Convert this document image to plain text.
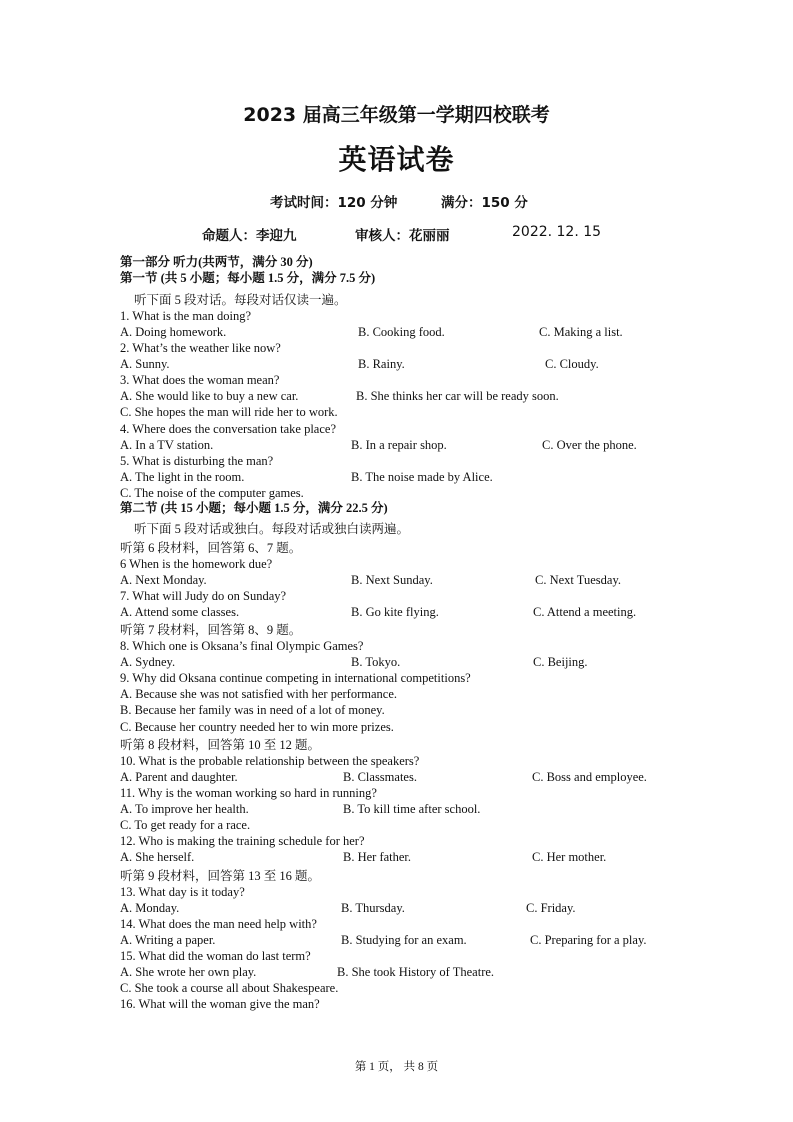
2023 届高三年级第一学期四校联考
英语试卷
考试时间：120 分钟	满分：150 分
命题人：李迎九	审核人：花丽丽	2022. 12. 15
第一部分 听力(共两节，满分 30 分)
第一节 (共 5 小题；每小题 1.5 分，满分 7.5 分)
听下面 5 段对话。每段对话仅读一遍。
1. What is the man doing?
A. Doing homework.	B. Cooking food.	C. Making a list.
2. What’s the weather like now?
A. Sunny.	B. Rainy.	C. Cloudy.
3. What does the woman mean?
A. She would like to buy a new car.	B. She thinks her car will be ready soon.
C. She hopes the man will ride her to work.
4. Where does the conversation take place?
A. In a TV station.	B. In a repair shop.	C. Over the phone.
5. What is disturbing the man?
A. The light in the room.	B. The noise made by Alice.
C. The noise of the computer games.
第二节 (共 15 小题；每小题 1.5 分，满分 22.5 分)
听下面 5 段对话或独白。每段对话或独白读两遍。
听第 6 段材料，回答第 6、7 题。
6 When is the homework due?
A. Next Monday.	B. Next Sunday.	C. Next Tuesday.
7. What will Judy do on Sunday?
A. Attend some classes.	B. Go kite flying.	C. Attend a meeting.
听第 7 段材料，回答第 8、9 题。
8. Which one is Oksana’s final Olympic Games?
A. Sydney.	B. Tokyo.	C. Beijing.
9. Why did Oksana continue competing in international competitions?
A. Because she was not satisfied with her performance.
B. Because her family was in need of a lot of money.
C. Because her country needed her to win more prizes.
听第 8 段材料，回答第 10 至 12 题。
10. What is the probable relationship between the speakers?
A. Parent and daughter.	B. Classmates.	C. Boss and employee.
11. Why is the woman working so hard in running?
A. To improve her health.	B. To kill time after school.
C. To get ready for a race.
12. Who is making the training schedule for her?
A. She herself.	B. Her father.	C. Her mother.
听第 9 段材料，回答第 13 至 16 题。
13. What day is it today?
A. Monday.	B. Thursday.	C. Friday.
14. What does the man need help with?
A. Writing a paper.	B. Studying for an exam.	C. Preparing for a play.
15. What did the woman do last term?
A. She wrote her own play.	B. She took History of Theatre.
C. She took a course all about Shakespeare.
16. What will the woman give the man?
第 1 页， 共 8 页
